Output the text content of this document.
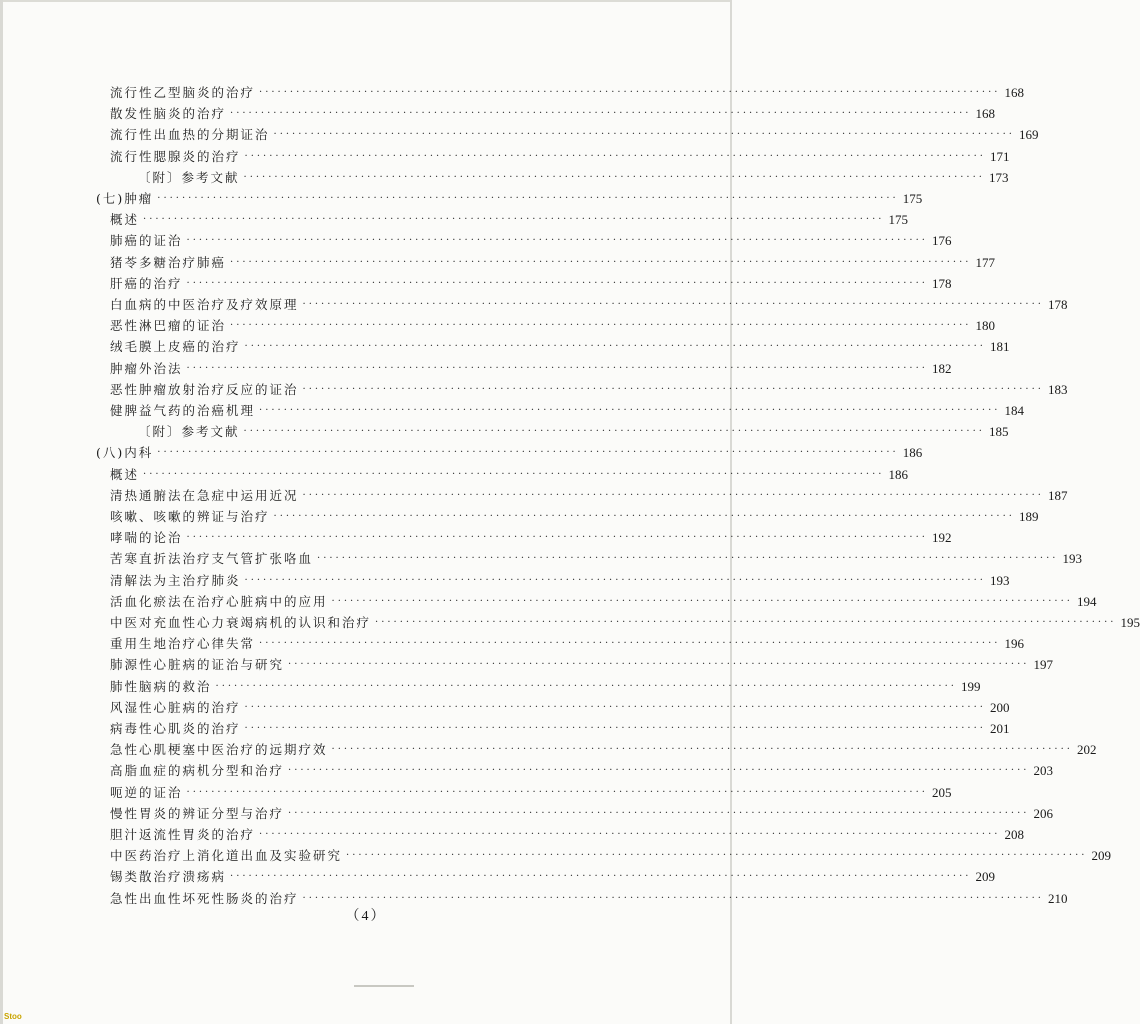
流行性乙型脑炎的治疗 ························································································································ 168
散发性脑炎的治疗 ························································································································ 168
流行性出血热的分期证治 ························································································································ 169
流行性腮腺炎的治疗 ························································································································ 171
〔附〕参考文献 ························································································································ 173
(七)肿瘤 ························································································································ 175
概述 ························································································································ 175
肺癌的证治 ························································································································ 176
猪苓多糖治疗肺癌 ························································································································ 177
肝癌的治疗 ························································································································ 178
白血病的中医治疗及疗效原理 ························································································································ 178
恶性淋巴瘤的证治 ························································································································ 180
绒毛膜上皮癌的治疗 ························································································································ 181
肿瘤外治法 ························································································································ 182
恶性肿瘤放射治疗反应的证治 ························································································································ 183
健脾益气药的治癌机理 ························································································································ 184
〔附〕参考文献 ························································································································ 185
(八)内科 ························································································································ 186
概述 ························································································································ 186
清热通腑法在急症中运用近况 ························································································································ 187
咳嗽、咳嗽的辨证与治疗 ························································································································ 189
哮喘的论治 ························································································································ 192
苦寒直折法治疗支气管扩张咯血 ························································································································ 193
清解法为主治疗肺炎 ························································································································ 193
活血化瘀法在治疗心脏病中的应用 ························································································································ 194
中医对充血性心力衰竭病机的认识和治疗 ························································································································ 195
重用生地治疗心律失常 ························································································································ 196
肺源性心脏病的证治与研究 ························································································································ 197
肺性脑病的救治 ························································································································ 199
风湿性心脏病的治疗 ························································································································ 200
病毒性心肌炎的治疗 ························································································································ 201
急性心肌梗塞中医治疗的远期疗效 ························································································································ 202
高脂血症的病机分型和治疗 ························································································································ 203
呃逆的证治 ························································································································ 205
慢性胃炎的辨证分型与治疗 ························································································································ 206
胆汁返流性胃炎的治疗 ························································································································ 208
中医药治疗上消化道出血及实验研究 ························································································································ 209
锡类散治疗溃疡病 ························································································································ 209
急性出血性坏死性肠炎的治疗 ························································································································ 210
（4）
Stoo
